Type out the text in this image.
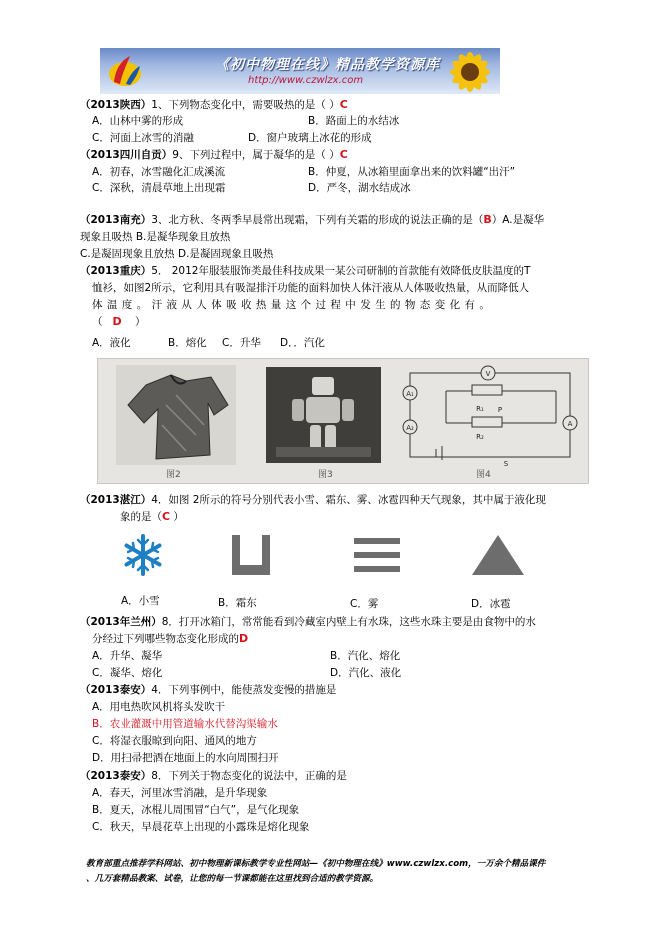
《初中物理在线》精品教学资源库
http://www.czwlzx.com
（2013陕西）1、下列物态变化中，需要吸热的是（ ）C
A．山林中雾的形成	B．路面上的水结冰
C．河面上冰雪的消融	D．窗户玻璃上冰花的形成
（2013四川自贡）9、下列过程中，属于凝华的是（ ）C
A．初春，冰雪融化汇成溪流	B．仲夏，从冰箱里面拿出来的饮料罐“出汗”
C．深秋，清晨草地上出现霜	D．严冬，湖水结成冰
（2013南充）3、北方秋、冬两季早晨常出现霜，下列有关霜的形成的说法正确的是（B）A.是凝华
现象且吸热 B.是凝华现象且放热
C.是凝固现象且放热 D.是凝固现象且吸热
（2013重庆）5． 2012年服装服饰类最佳科技成果一某公司研制的首款能有效降低皮肤温度的T
恤衫，如图2所示，它利用具有吸湿排汗功能的面料加快人体汗液从人体吸收热量，从而降低人
体温度。汗液从人体吸收热量这个过程中发生的物态变化有。
（ D ）
A．液化	B．熔化 C．升华 D．．汽化
图2	图3
A₁
A₂
V
A
R₁
R₂
P
S
图4
（2013湛江）4．如图 2所示的符号分别代表小雪、霜东、雾、冰雹四种天气现象，其中属于液化现
象的是（C ）
A．小雪	B．霜东	C．雾	D．冰雹
（2013年兰州）8．打开冰箱门，常常能看到冷藏室内壁上有水珠，这些水珠主要是由食物中的水
分经过下列哪些物态变化形成的D
A．升华、凝华	B．汽化、熔化
C．凝华、熔化	D．汽化、液化
（2013泰安）4．下列事例中，能使蒸发变慢的措施是
A．用电热吹风机将头发吹干
B．农业灌溉中用管道输水代替沟渠输水
C．将湿衣服晾到向阳、通风的地方
D．用扫帚把洒在地面上的水向周围扫开
（2013泰安）8．下列关于物态变化的说法中，正确的是
A．春天，河里冰雪消融，是升华现象
B．夏天，冰棍儿周围冒“白气”，是气化现象
C．秋天，早晨花草上出现的小露珠是熔化现象
教育部重点推荐学科网站、初中物理新课标教学专业性网站—《初中物理在线》www.czwlzx.com，一万余个精品课件
、几万套精品教案、试卷，让您的每一节课都能在这里找到合适的教学资源。
